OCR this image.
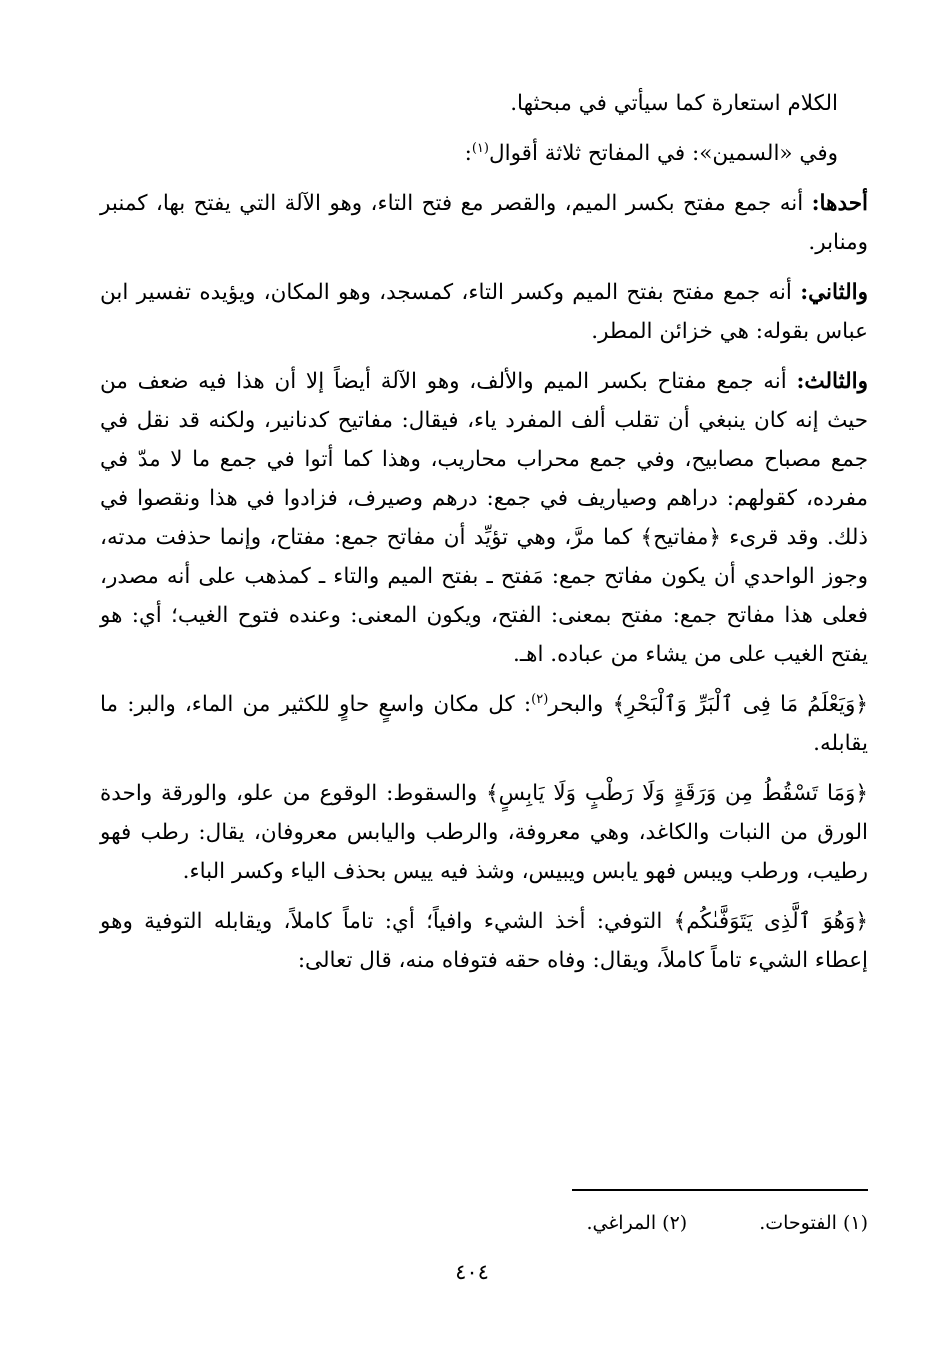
الكلام استعارة كما سيأتي في مبحثها.

وفي «السمين»: في المفاتح ثلاثة أقوال$^{(١)}$:

أحدها: أنه جمع مفتح بكسر الميم، والقصر مع فتح التاء، وهو الآلة التي يفتح بها، كمنبر ومنابر.

والثاني: أنه جمع مفتح بفتح الميم وكسر التاء، كمسجد، وهو المكان، ويؤيده تفسير ابن عباس بقوله: هي خزائن المطر.

والثالث: أنه جمع مفتاح بكسر الميم والألف، وهو الآلة أيضاً إلا أن هذا فيه ضعف من حيث إنه كان ينبغي أن تقلب ألف المفرد ياء، فيقال: مفاتيح كدنانير، ولكنه قد نقل في جمع مصباح مصابيح، وفي جمع محراب محاريب، وهذا كما أتوا في جمع ما لا مدّ في مفرده، كقولهم: دراهم وصياريف في جمع: درهم وصيرف، فزادوا في هذا ونقصوا في ذلك. وقد قرىء ﴿مفاتيح﴾ كما مرَّ، وهي تؤيِّد أن مفاتح جمع: مفتاح، وإنما حذفت مدته، وجوز الواحدي أن يكون مفاتح جمع: مَفتح ـ بفتح الميم والتاء ـ كمذهب على أنه مصدر، فعلى هذا مفاتح جمع: مفتح بمعنى: الفتح، ويكون المعنى: وعنده فتوح الغيب؛ أي: هو يفتح الغيب على من يشاء من عباده. اهـ.

﴿وَيَعْلَمُ مَا فِى ٱلْبَرِّ وَٱلْبَحْرِ﴾ والبحر$^{(٢)}$: كل مكان واسعٍ حاوٍ للكثير من الماء، والبر: ما يقابله.

﴿وَمَا تَسْقُطُ مِن وَرَقَةٍ وَلَا رَطْبٍ وَلَا يَابِسٍ﴾ والسقوط: الوقوع من علو، والورقة واحدة الورق من النبات والكاغد، وهي معروفة، والرطب واليابس معروفان، يقال: رطب فهو رطيب، ورطب ويبس فهو يابس ويبيس، وشذ فيه ييس بحذف الياء وكسر الباء.

﴿وَهُوَ ٱلَّذِى يَتَوَفَّىٰكُم﴾ التوفي: أخذ الشيء وافياً؛ أي: تاماً كاملاً، ويقابله التوفية وهو إعطاء الشيء تاماً كاملاً، ويقال: وفاه حقه فتوفاه منه، قال تعالى:

(١) الفتوحات.(٢) المراغي.
٤٠٤
